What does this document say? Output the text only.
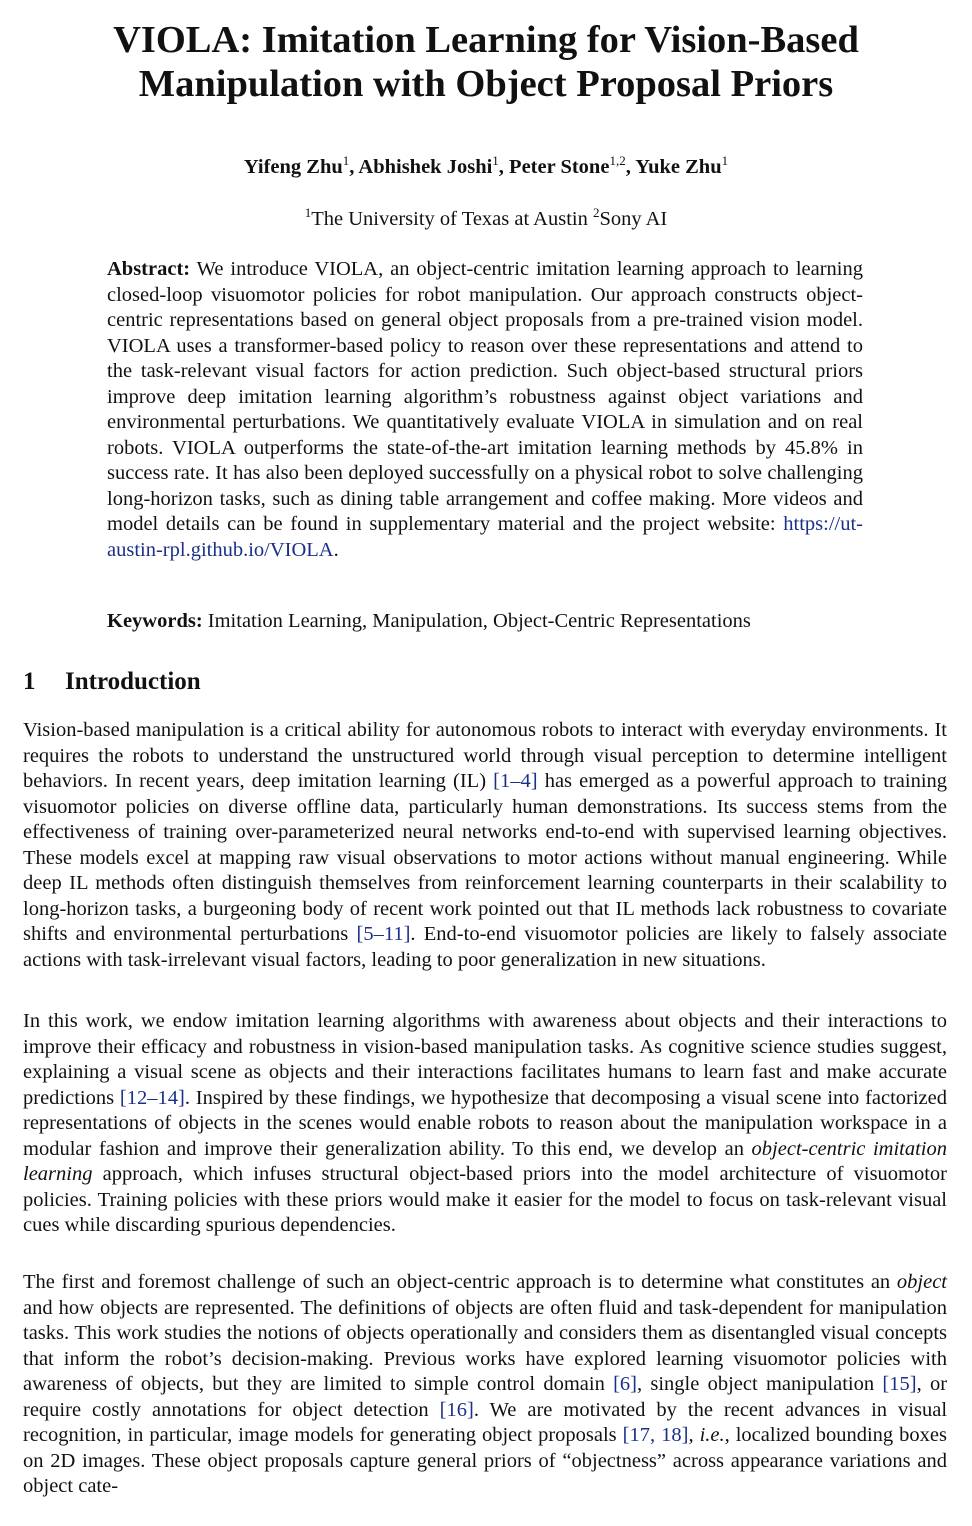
VIOLA: Imitation Learning for Vision-Based Manipulation with Object Proposal Priors
Yifeng Zhu$^1$, Abhishek Joshi$^1$, Peter Stone$^{1,2}$, Yuke Zhu$^1$
$^1$The University of Texas at Austin $^2$Sony AI
Abstract: We introduce VIOLA, an object-centric imitation learning approach to learning closed-loop visuomotor policies for robot manipulation. Our approach constructs object-centric representations based on general object proposals from a pre-trained vision model. VIOLA uses a transformer-based policy to reason over these representations and attend to the task-relevant visual factors for action prediction. Such object-based structural priors improve deep imitation learning algorithm’s robustness against object variations and environmental perturbations. We quantitatively evaluate VIOLA in simulation and on real robots. VIOLA outperforms the state-of-the-art imitation learning methods by 45.8% in success rate. It has also been deployed successfully on a physical robot to solve challenging long-horizon tasks, such as dining table arrangement and coffee making. More videos and model details can be found in supplementary material and the project website: https://ut-austin-rpl.github.io/VIOLA.
Keywords: Imitation Learning, Manipulation, Object-Centric Representations
1 Introduction
Vision-based manipulation is a critical ability for autonomous robots to interact with everyday environments. It requires the robots to understand the unstructured world through visual perception to determine intelligent behaviors. In recent years, deep imitation learning (IL) [1–4] has emerged as a powerful approach to training visuomotor policies on diverse offline data, particularly human demonstrations. Its success stems from the effectiveness of training over-parameterized neural networks end-to-end with supervised learning objectives. These models excel at mapping raw visual observations to motor actions without manual engineering. While deep IL methods often distinguish themselves from reinforcement learning counterparts in their scalability to long-horizon tasks, a burgeoning body of recent work pointed out that IL methods lack robustness to covariate shifts and environmental perturbations [5–11]. End-to-end visuomotor policies are likely to falsely associate actions with task-irrelevant visual factors, leading to poor generalization in new situations.
In this work, we endow imitation learning algorithms with awareness about objects and their interactions to improve their efficacy and robustness in vision-based manipulation tasks. As cognitive science studies suggest, explaining a visual scene as objects and their interactions facilitates humans to learn fast and make accurate predictions [12–14]. Inspired by these findings, we hypothesize that decomposing a visual scene into factorized representations of objects in the scenes would enable robots to reason about the manipulation workspace in a modular fashion and improve their generalization ability. To this end, we develop an object-centric imitation learning approach, which infuses structural object-based priors into the model architecture of visuomotor policies. Training policies with these priors would make it easier for the model to focus on task-relevant visual cues while discarding spurious dependencies.
The first and foremost challenge of such an object-centric approach is to determine what constitutes an object and how objects are represented. The definitions of objects are often fluid and task-dependent for manipulation tasks. This work studies the notions of objects operationally and considers them as disentangled visual concepts that inform the robot’s decision-making. Previous works have explored learning visuomotor policies with awareness of objects, but they are limited to simple control domain [6], single object manipulation [15], or require costly annotations for object detection [16]. We are motivated by the recent advances in visual recognition, in particular, image models for generating object proposals [17, 18], i.e., localized bounding boxes on 2D images. These object proposals capture general priors of “objectness” across appearance variations and object cate-
